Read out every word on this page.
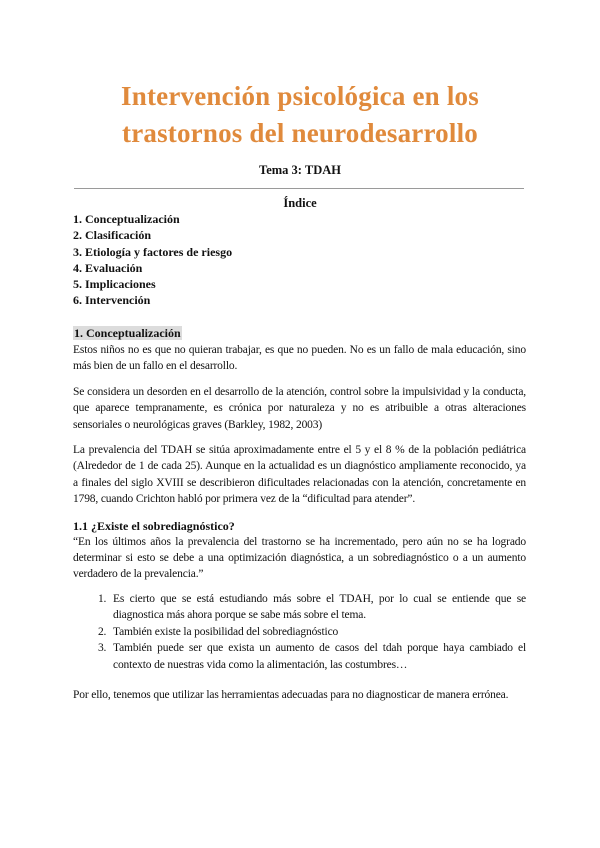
Intervención psicológica en los
trastornos del neurodesarrollo
Tema 3: TDAH
Índice
1. Conceptualización
2. Clasificación
3. Etiología y factores de riesgo
4. Evaluación
5. Implicaciones
6. Intervención
1. Conceptualización

Estos niños no es que no quieran trabajar, es que no pueden. No es un fallo de mala educación, sino más bien de un fallo en el desarrollo.

Se considera un desorden en el desarrollo de la atención, control sobre la impulsividad y la conducta, que aparece tempranamente, es crónica por naturaleza y no es atribuible a otras alteraciones sensoriales o neurológicas graves (Barkley, 1982, 2003)

La prevalencia del TDAH se sitúa aproximadamente entre el 5 y el 8 % de la población pediátrica (Alrededor de 1 de cada 25). Aunque en la actualidad es un diagnóstico ampliamente reconocido, ya a finales del siglo XVIII se describieron dificultades relacionadas con la atención, concretamente en 1798, cuando Crichton habló por primera vez de la “dificultad para atender”.

1.1 ¿Existe el sobrediagnóstico?

“En los últimos años la prevalencia del trastorno se ha incrementado, pero aún no se ha logrado determinar si esto se debe a una optimización diagnóstica, a un sobrediagnóstico o a un aumento verdadero de la prevalencia.”

1. Es cierto que se está estudiando más sobre el TDAH, por lo cual se entiende que se diagnostica más ahora porque se sabe más sobre el tema.
2. También existe la posibilidad del sobrediagnóstico
3. También puede ser que exista un aumento de casos del tdah porque haya cambiado el contexto de nuestras vida como la alimentación, las costumbres…

Por ello, tenemos que utilizar las herramientas adecuadas para no diagnosticar de manera errónea.
